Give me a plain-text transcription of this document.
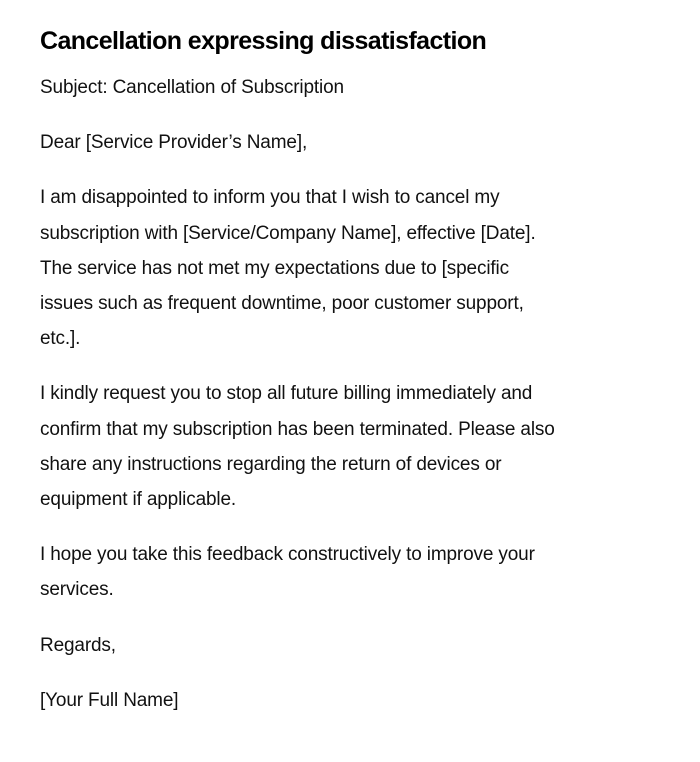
Cancellation expressing dissatisfaction

Subject: Cancellation of Subscription

Dear [Service Provider’s Name],

I am disappointed to inform you that I wish to cancel my
subscription with [Service/Company Name], effective [Date].
The service has not met my expectations due to [specific
issues such as frequent downtime, poor customer support,
etc.].

I kindly request you to stop all future billing immediately and
confirm that my subscription has been terminated. Please also
share any instructions regarding the return of devices or
equipment if applicable.

I hope you take this feedback constructively to improve your
services.

Regards,

[Your Full Name]
